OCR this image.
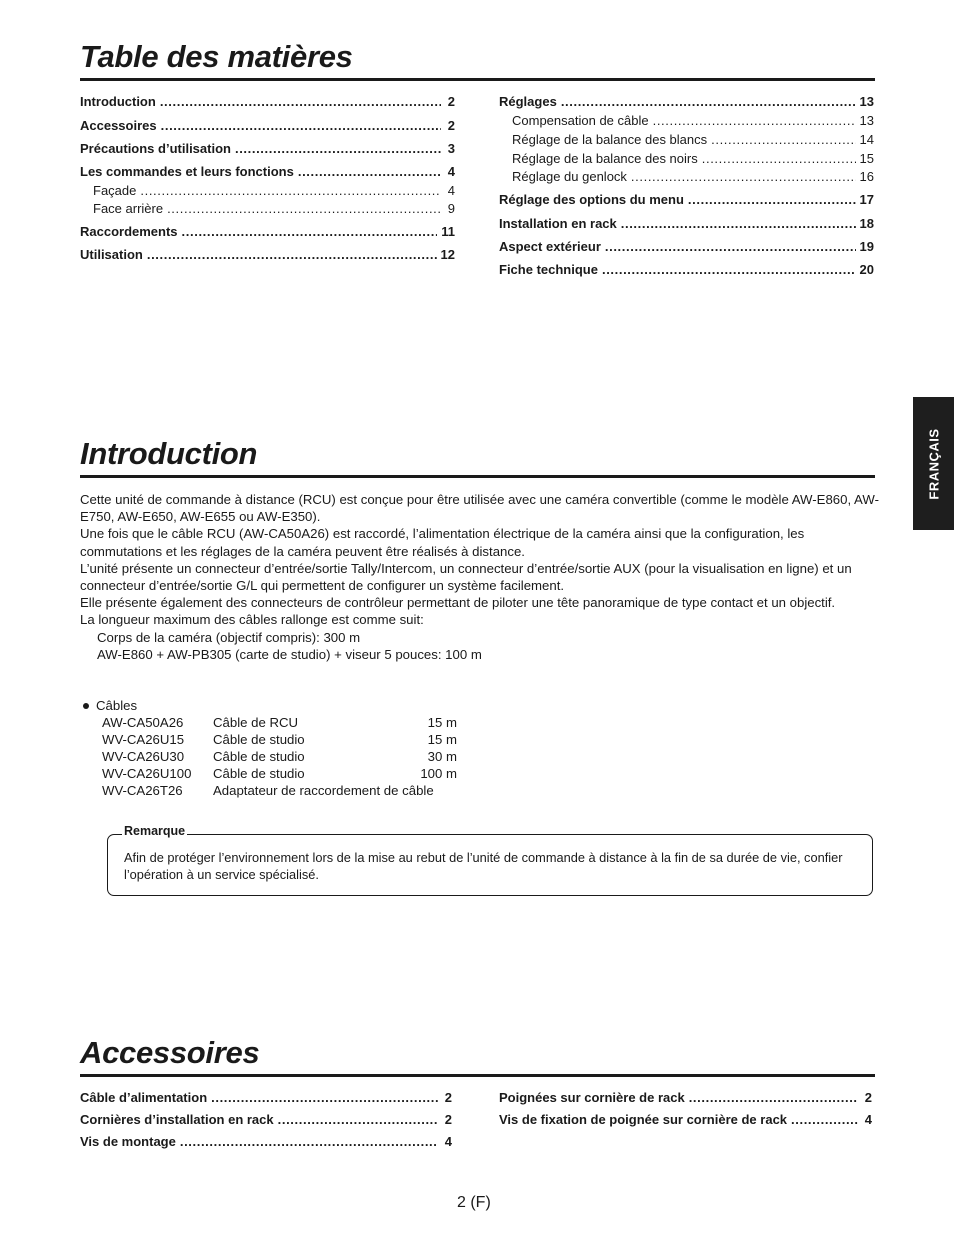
Table des matières
Introduction . . .	2
Accessoires . . .	2
Précautions d’utilisation . . .	3
Les commandes et leurs fonctions . . .	4
Façade . . .	4
Face arrière . . .	9
Raccordements . . .	11
Utilisation . . .	12
Réglages . . .	13
Compensation de câble . . .	13
Réglage de la balance des blancs . . .	14
Réglage de la balance des noirs . . .	15
Réglage du genlock . . .	16
Réglage des options du menu . . .	17
Installation en rack . . .	18
Aspect extérieur . . .	19
Fiche technique . . .	20
FRANÇAIS
Introduction

Cette unité de commande à distance (RCU) est conçue pour être utilisée avec une caméra convertible (comme le modèle AW-E860, AW-E750, AW-E650, AW-E655 ou AW-E350).

Une fois que le câble RCU (AW-CA50A26) est raccordé, l’alimentation électrique de la caméra ainsi que la configuration, les commutations et les réglages de la caméra peuvent être réalisés à distance.

L’unité présente un connecteur d’entrée/sortie Tally/Intercom, un connecteur d’entrée/sortie AUX (pour la visualisation en ligne) et un connecteur d’entrée/sortie G/L qui permettent de configurer un système facilement.

Elle présente également des connecteurs de contrôleur permettant de piloter une tête panoramique de type contact et un objectif.

La longueur maximum des câbles rallonge est comme suit:

Corps de la caméra (objectif compris): 300 m

AW-E860 + AW-PB305 (carte de studio) + viseur 5 pouces: 100 m

Câbles
AW-CA50A26	Câble de RCU	15 m
WV-CA26U15	Câble de studio	15 m
WV-CA26U30	Câble de studio	30 m
WV-CA26U100	Câble de studio	100 m
WV-CA26T26	Adaptateur de raccordement de câble
Remarque
Afin de protéger l’environnement lors de la mise au rebut de l’unité de commande à distance à la fin de sa durée de vie, confier l’opération à un service spécialisé.
Accessoires
Câble d’alimentation . . .	2
Cornières d’installation en rack . . .	2
Vis de montage . . .	4
Poignées sur cornière de rack . . .	2
Vis de fixation de poignée sur cornière de rack . . .	4
2 (F)
